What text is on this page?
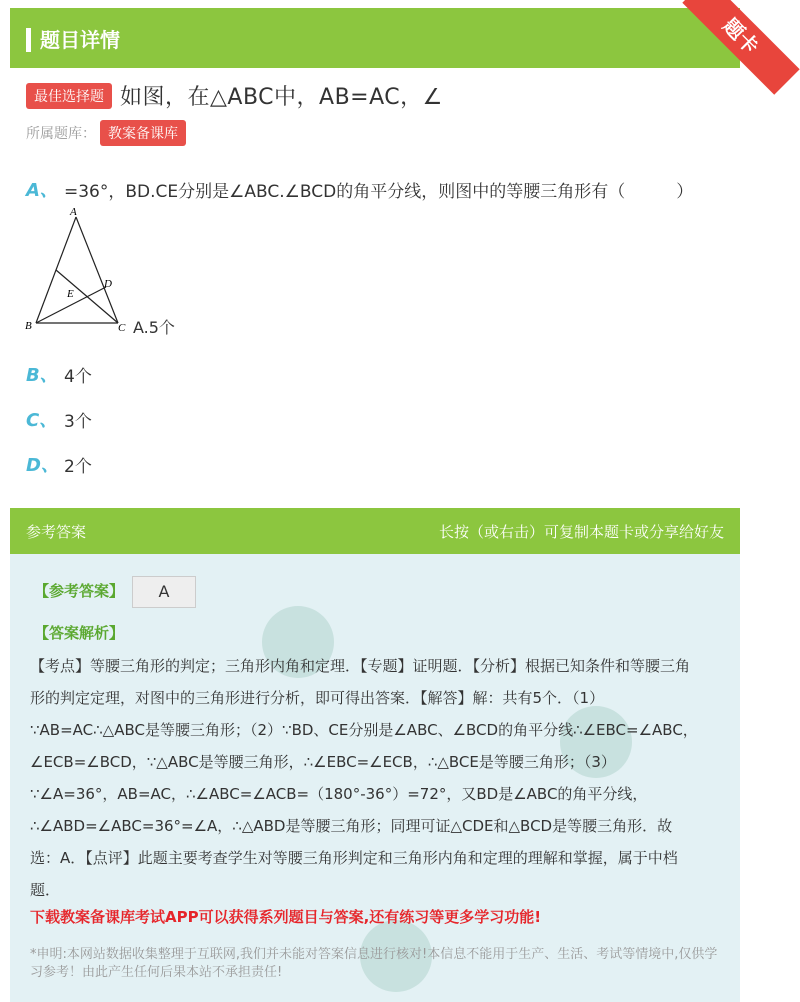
题目详情	题卡
最佳选择题 如图，在△ABC中，AB=AC，∠
所属题库： 教案备课库
A、 =36°，BD.CE分别是∠ABC.∠BCD的角平分线，则图中的等腰三角形有（　　　）
A
B	C
D
E
A.5个
B、 4个
C、 3个
D、 2个
参考答案	长按（或右击）可复制本题卡或分享给好友
【参考答案】	A
【答案解析】
【考点】等腰三角形的判定；三角形内角和定理．【专题】证明题．【分析】根据已知条件和等腰三角形的判定定理，对图中的三角形进行分析，即可得出答案．【解答】解：共有5个．（1）∵AB=AC∴△ABC是等腰三角形；（2）∵BD、CE分别是∠ABC、∠BCD的角平分线∴∠EBC=∠ABC，∠ECB=∠BCD，∵△ABC是等腰三角形，∴∠EBC=∠ECB，∴△BCE是等腰三角形；（3）∵∠A=36°，AB=AC，∴∠ABC=∠ACB=（180°-36°）=72°，又BD是∠ABC的角平分线，∴∠ABD=∠ABC=36°=∠A，∴△ABD是等腰三角形；同理可证△CDE和△BCD是等腰三角形．故选：A．【点评】此题主要考查学生对等腰三角形判定和三角形内角和定理的理解和掌握，属于中档题．
下载教案备课库考试APP可以获得系列题目与答案,还有练习等更多学习功能!
*申明:本网站数据收集整理于互联网,我们并未能对答案信息进行核对!本信息不能用于生产、生活、考试等情境中,仅供学习参考！由此产生任何后果本站不承担责任!
